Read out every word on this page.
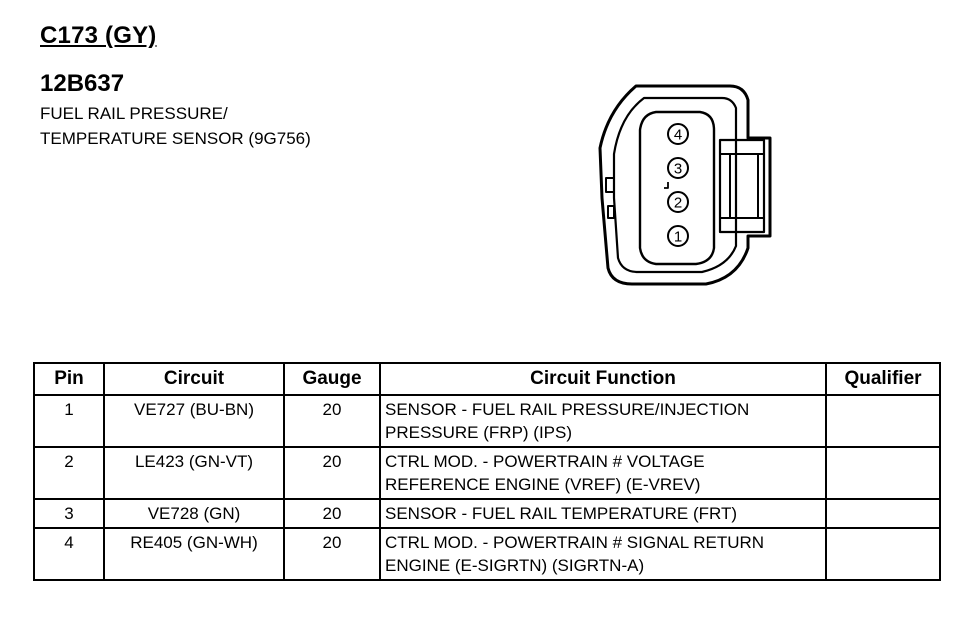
C173 (GY)
12B637

FUEL RAIL PRESSURE/
TEMPERATURE SENSOR (9G756)	4
3
2
1
Pin	Circuit	Gauge	Circuit Function	Qualifier
1	VE727 (BU-BN)	20	SENSOR - FUEL RAIL PRESSURE/INJECTION
PRESSURE (FRP) (IPS)	

2	LE423 (GN-VT)	20	CTRL MOD. - POWERTRAIN # VOLTAGE
REFERENCE ENGINE (VREF) (E-VREV)	

3	VE728 (GN)	20	SENSOR - FUEL RAIL TEMPERATURE (FRT)	

4	RE405 (GN-WH)	20	CTRL MOD. - POWERTRAIN # SIGNAL RETURN
ENGINE (E-SIGRTN) (SIGRTN-A)	
